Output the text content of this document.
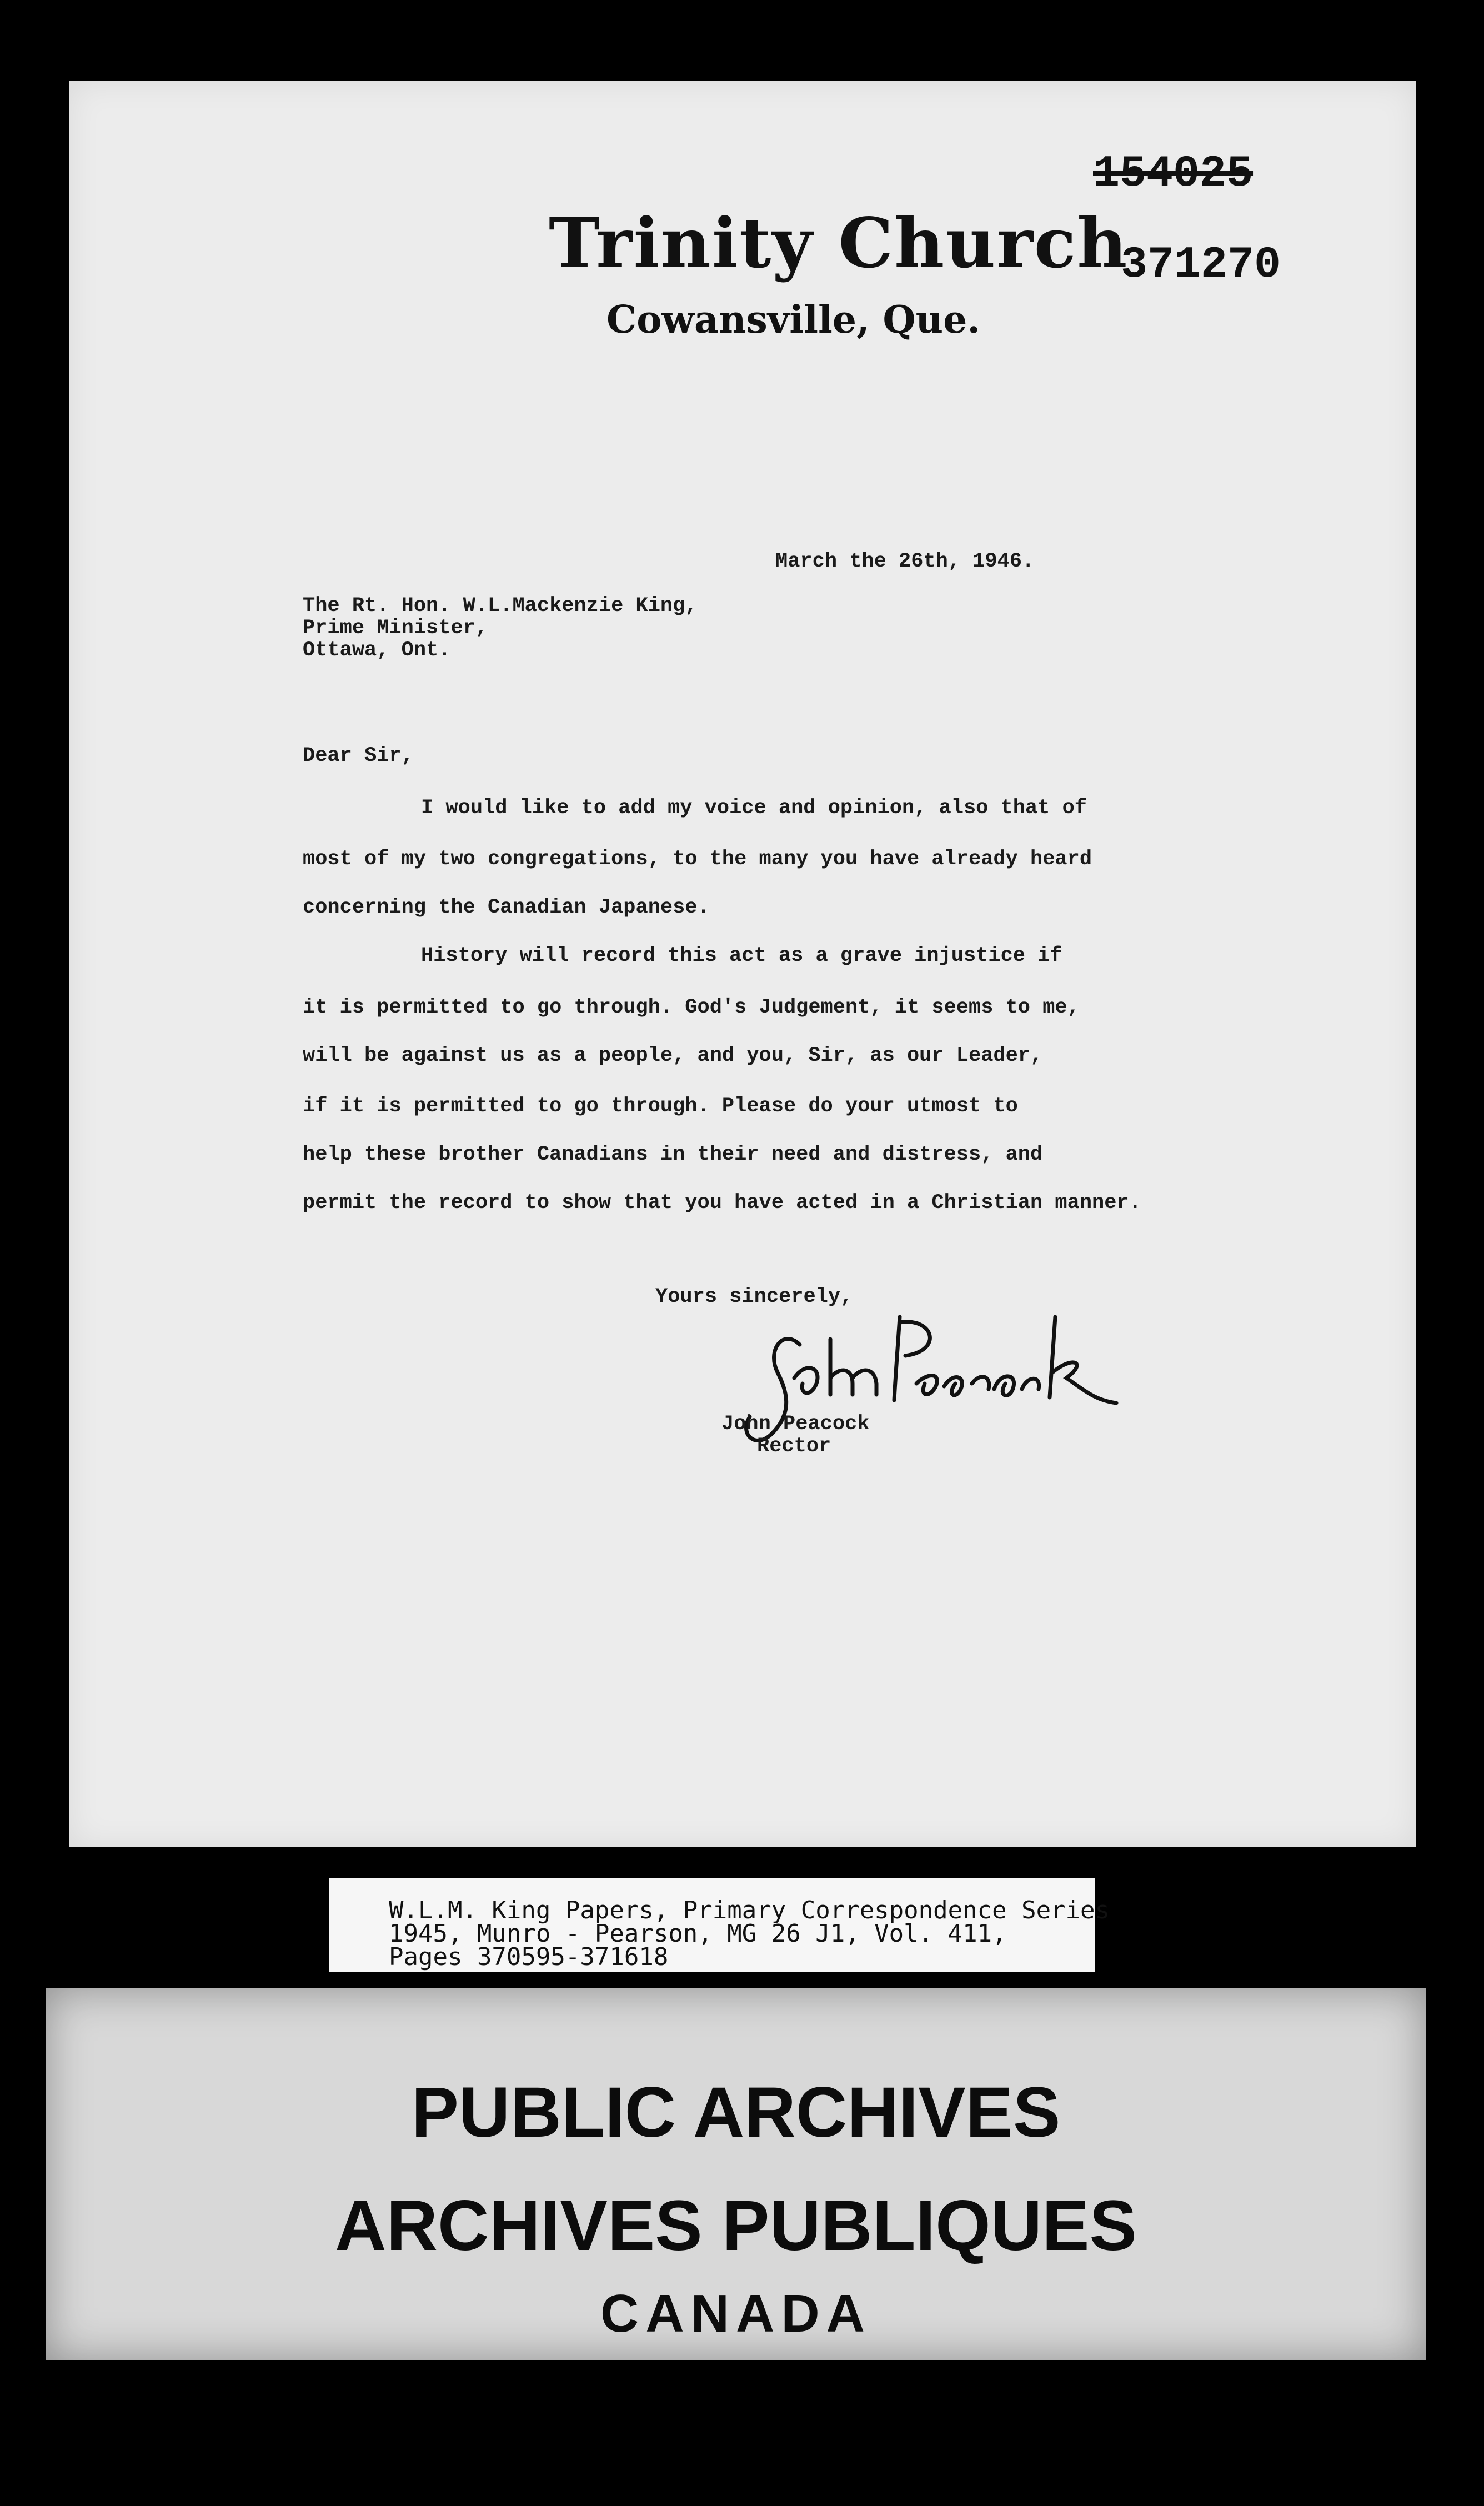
Trinity Church
Cowansville, Que.
154025
371270
March the 26th, 1946.
The Rt. Hon. W.L.Mackenzie King,
Prime Minister,
Ottawa, Ont.
Dear Sir,
I would like to add my voice and opinion, also that of
most of my two congregations, to the many you have already heard
concerning the Canadian Japanese.
History will record this act as a grave injustice if
it is permitted to go through. God's Judgement, it seems to me,
will be against us as a people, and you, Sir, as our Leader,
if it is permitted to go through. Please do your utmost to
help these brother Canadians in their need and distress, and
permit the record to show that you have acted in a Christian manner.
Yours sincerely,
John Peacock
Rector
W.L.M. King Papers, Primary Correspondence Series
1945, Munro - Pearson, MG 26 J1, Vol. 411,
Pages 370595-371618
PUBLIC ARCHIVES
ARCHIVES PUBLIQUES
CANADA
